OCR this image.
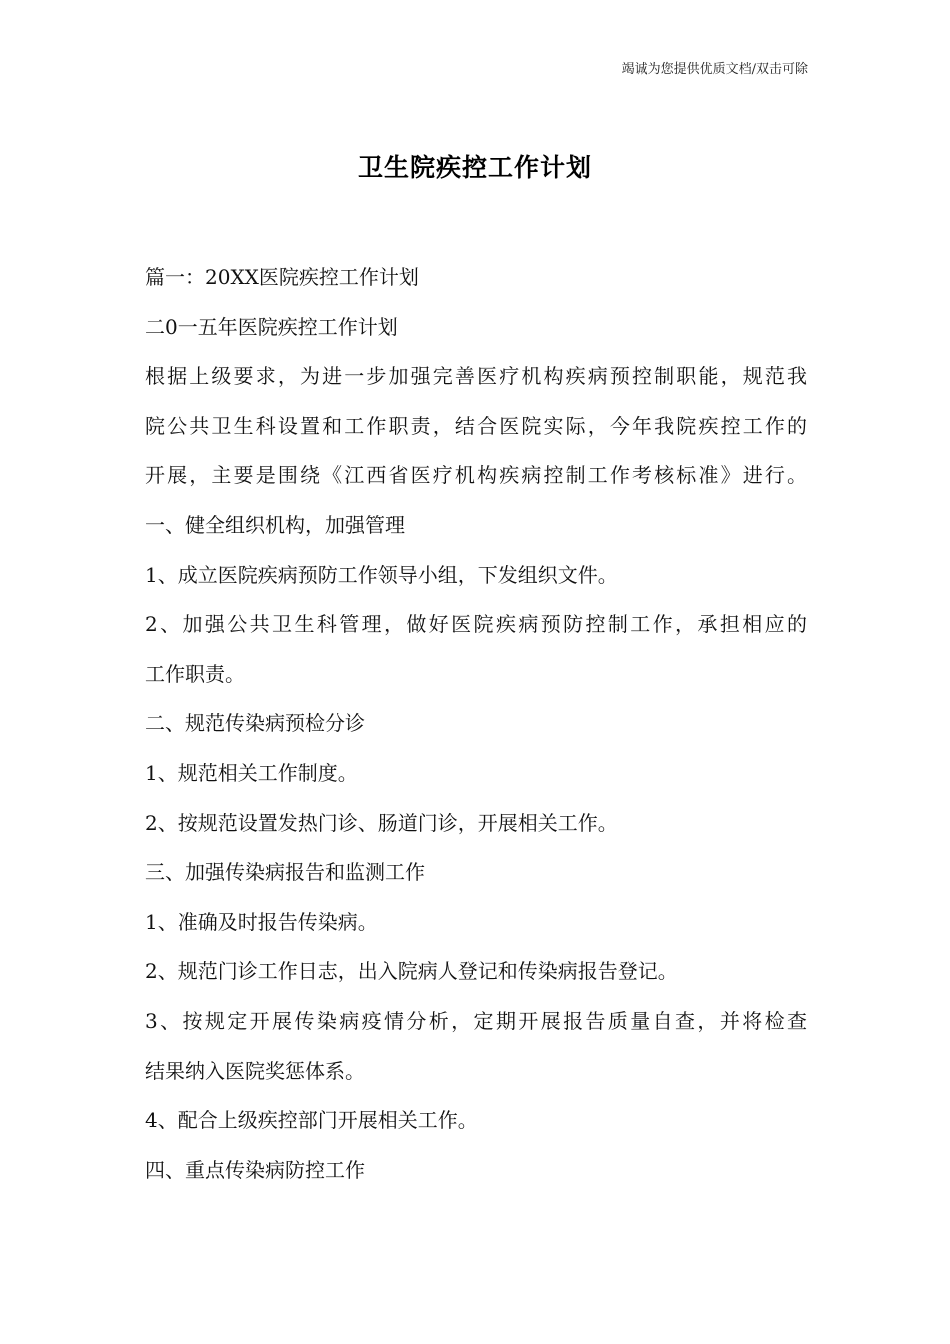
竭诚为您提供优质文档/双击可除
卫生院疾控工作计划

篇一：20XX医院疾控工作计划

二0一五年医院疾控工作计划

根据上级要求，为进一步加强完善医疗机构疾病预控制职能，规范我

院公共卫生科设置和工作职责，结合医院实际，今年我院疾控工作的

开展，主要是围绕《江西省医疗机构疾病控制工作考核标准》进行。

一、健全组织机构，加强管理

1、成立医院疾病预防工作领导小组，下发组织文件。

2、加强公共卫生科管理，做好医院疾病预防控制工作，承担相应的

工作职责。

二、规范传染病预检分诊

1、规范相关工作制度。

2、按规范设置发热门诊、肠道门诊，开展相关工作。

三、加强传染病报告和监测工作

1、准确及时报告传染病。

2、规范门诊工作日志，出入院病人登记和传染病报告登记。

3、按规定开展传染病疫情分析，定期开展报告质量自查，并将检查

结果纳入医院奖惩体系。

4、配合上级疾控部门开展相关工作。

四、重点传染病防控工作
